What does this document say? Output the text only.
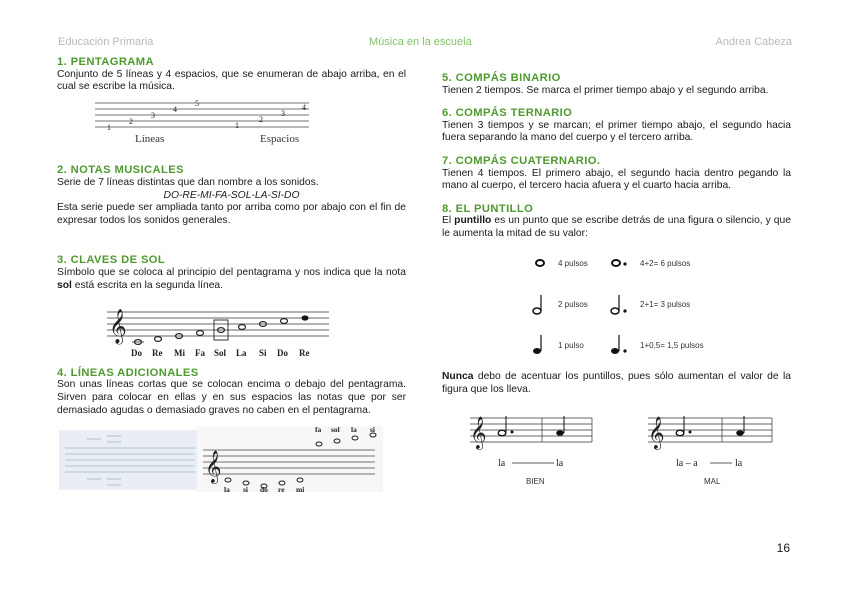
Educación Primaria	Música en la escuela	Andrea Cabeza

1. PENTAGRAMA

Conjunto de 5 líneas y 4 espacios, que se enumeran de abajo arriba, en el cual se escribe la música.

1
2
3
4
5
1
2
3
4
Líneas	Espacios

2. NOTAS MUSICALES

Serie de 7 líneas distintas que dan nombre a los sonidos.

DO-RE-MI-FA-SOL-LA-SI-DO

Esta serie puede ser ampliada tanto por arriba como por abajo con el fin de expresar todos los sonidos generales.

3. CLAVES DE SOL

Símbolo que se coloca al principio del pentagrama y nos indica que la nota sol está escrita en la segunda línea.

𝄞
Do Re Mi Fa Sol La Si Do Re

4. LÍNEAS ADICIONALES

Son unas líneas cortas que se colocan encima o debajo del pentagrama. Sirven para colocar en ellas y en sus espacios las notas que por ser demasiado agudas o demasiado graves no caben en el pentagrama.

𝄞
fa sol la si
la si do re mi

5. COMPÁS BINARIO

Tienen 2 tiempos. Se marca el primer tiempo abajo y el segundo arriba.

6. COMPÁS TERNARIO

Tienen 3 tiempos y se marcan; el primer tiempo abajo, el segundo hacia fuera separando la mano del cuerpo y el tercero arriba.

7. COMPÁS CUATERNARIO.

Tienen 4 tiempos. El primero abajo, el segundo hacia dentro pegando la mano al cuerpo, el tercero hacia afuera y el cuarto hacia arriba.

8. EL PUNTILLO

El puntillo es un punto que se escribe detrás de una figura o silencio, y que le aumenta la mitad de su valor:

4 pulsos	4+2= 6 pulsos
2 pulsos	2+1= 3 pulsos
1 pulso	1+0,5= 1,5 pulsos

Nunca debo de acentuar los puntillos, pues sólo aumentan el valor de la figura que los lleva.

𝄞
la	la
BIEN
𝄞
la – a	la
MAL
16
